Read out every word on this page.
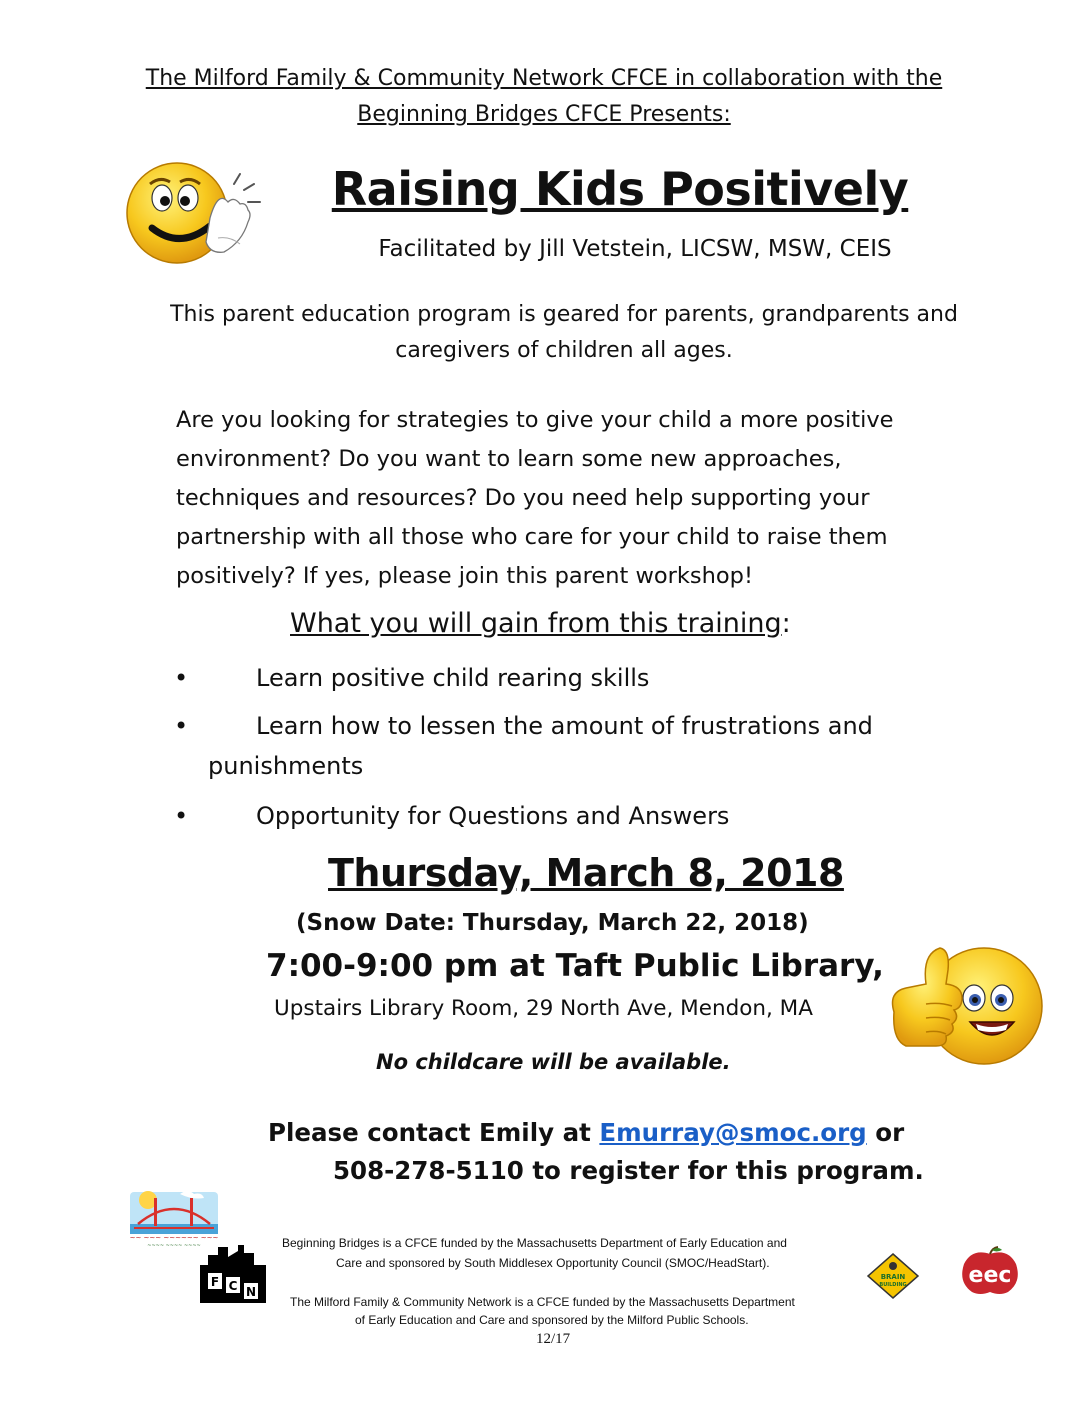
The Milford Family & Community Network CFCE in collaboration with the
Beginning Bridges CFCE Presents:
Raising Kids Positively
Facilitated by Jill Vetstein, LICSW, MSW, CEIS
This parent education program is geared for parents, grandparents and
caregivers of children all ages.
Are you looking for strategies to give your child a more positive
environment? Do you want to learn some new approaches,
techniques and resources? Do you need help supporting your
partnership with all those who care for your child to raise them
positively? If yes, please join this parent workshop!
What you will gain from this training:
•	Learn positive child rearing skills
•	Learn how to lessen the amount of frustrations and
punishments
•	Opportunity for Questions and Answers
Thursday, March 8, 2018
(Snow Date: Thursday, March 22, 2018)
7:00-9:00 pm at Taft Public Library,
Upstairs Library Room, 29 North Ave, Mendon, MA
No childcare will be available.
Please contact Emily at Emurray@smoc.org or
508-278-5110 to register for this program.
~~ ~~~ ~~~~~~ ~~~
~~~~ ~~~~ ~~~~
F C N
Beginning Bridges is a CFCE funded by the Massachusetts Department of Early Education and
Care and sponsored by South Middlesex Opportunity Council (SMOC/HeadStart).
The Milford Family & Community Network is a CFCE funded by the Massachusetts Department
of Early Education and Care and sponsored by the Milford Public Schools.
12/17
BRAIN
BUILDING	eec
